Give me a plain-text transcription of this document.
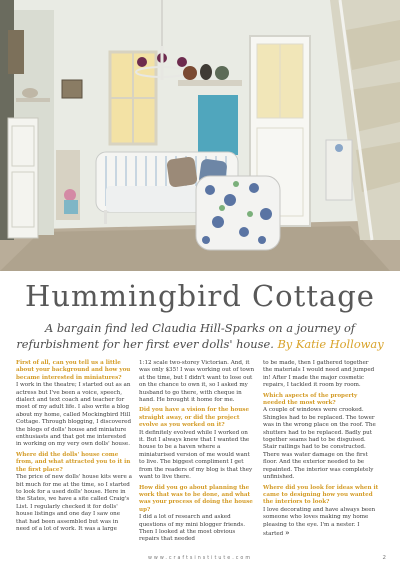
Hummingbird Cottage
A bargain find led Claudia Hill-Sparks on a journey of refurbishment for her first ever dolls' house. By Katie Holloway

First of all, can you tell us a little about your background and how you became interested in miniatures?

I work in the theatre; I started out as an actress but I've been a voice, speech, dialect and text coach and teacher for most of my adult life. I also write a blog about my home, called Mockingbird Hill Cottage. Through blogging, I discovered the blogs of dolls' house and miniature enthusiasts and that got me interested in working on my very own dolls' house.

Where did the dolls' house come from, and what attracted you to it in the first place?

The price of new dolls' house kits were a bit much for me at the time, so I started to look for a used dolls' house. Here in the States, we have a site called Craig's List. I regularly checked it for dolls' house listings and one day I saw one that had been assembled but was in need of a lot of work. It was a large

1:12 scale two-storey Victorian. And, it was only $35! I was working out of town at the time, but I didn't want to lose out on the chance to own it, so I asked my husband to go there, with cheque in hand. He brought it home for me.

Did you have a vision for the house straight away, or did the project evolve as you worked on it?

It definitely evolved while I worked on it. But I always knew that I wanted the house to be a haven where a miniaturised version of me would want to live. The biggest compliment I get from the readers of my blog is that they want to live there.

How did you go about planning the work that was to be done, and what was your process of doing the house up?

I did a lot of research and asked questions of my mini blogger friends. Then I looked at the most obvious repairs that needed

to be made, then I gathered together the materials I would need and jumped in! After I made the major cosmetic repairs, I tackled it room by room.

Which aspects of the property needed the most work?

A couple of windows were crooked. Shingles had to be replaced. The tower was in the wrong place on the roof. The shutters had to be replaced. Badly put together seams had to be disguised. Stair railings had to be constructed. There was water damage on the first floor. And the exterior needed to be repainted. The interior was completely unfinished.

Where did you look for ideas when it came to designing how you wanted the interiors to look?

I love decorating and have always been someone who loves making my home pleasing to the eye. I'm a nester. I started »

www.craftsinstitute.com	2
